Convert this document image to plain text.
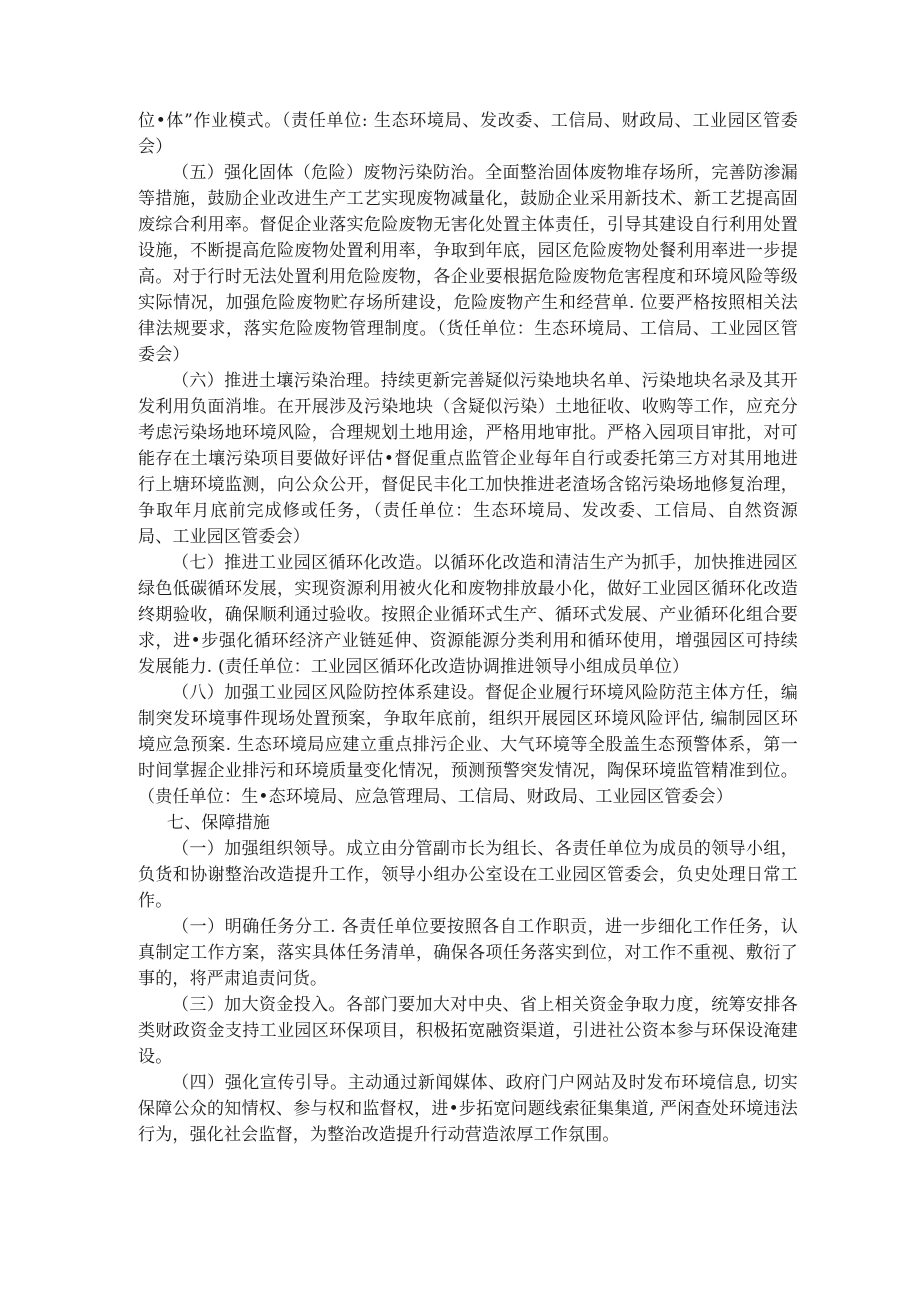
位•体”作业模式。（责任单位: 生态环境局、发改委、工信局、财政局、工业园区管委会）

（五）强化固体（危险）废物污染防治。全面整治固体废物堆存场所，完善防渗漏等措施，鼓励企业改进生产工艺实现废物减量化，鼓励企业采用新技术、新工艺提高固废综合利用率。督促企业落实危险废物无害化处置主体责任，引导其建设自行利用处置设施，不断提高危险废物处置利用率，争取到年底，园区危险废物处餐利用率进一步提高。对于行时无法处置利用危险废物，各企业要根据危险废物危害程度和环境风险等级实际情况，加强危险废物贮存场所建设，危险废物产生和经营单. 位要严格按照相关法律法规要求，落实危险废物管理制度。（货任单位：生态环境局、工信局、工业园区管委会）

（六）推进土壤污染治理。持续更新完善疑似污染地块名单、污染地块名录及其开发利用负面消堆。在开展涉及污染地块（含疑似污染）土地征收、收购等工作，应充分考虑污染场地环境风险，合理规划土地用途，严格用地审批。严格入园项目审批，对可能存在土壤污染项目要做好评估•督促重点监管企业每年自行或委托第三方对其用地进行上塘环境监测，向公众公开，督促民丰化工加快推进老渣场含铭污染场地修复治理，争取年月底前完成修或任务，（责任单位：生态环境局、发改委、工信局、自然资源局、工业园区管委会）

（七）推进工业园区循环化改造。以循环化改造和清洁生产为抓手，加快推进园区绿色低碳循环发展，实现资源利用被火化和废物排放最小化，做好工业园区循环化改造终期验收，确保顺利通过验收。按照企业循环式生产、循环式发展、产业循环化组合要求，进•步强化循环经济产业链延伸、资源能源分类利用和循环使用，增强园区可持续发展能力. (责任单位：工业园区循环化改造协调推进领导小组成员单位）

（八）加强工业园区风险防控体系建设。督促企业履行环境风险防范主体方任，编制突发环境事件现场处置预案，争取年底前，组织开展园区环境风险评估, 编制园区环境应急预案. 生态环境局应建立重点排污企业、大气环境等全股盖生态预警体系，第一时间掌握企业排污和环境质量变化情况，预测预警突发情况，陶保环境监管精准到位。（贵任单位：生•态环境局、应急管理局、工信局、财政局、工业园区管委会）

七、保障措施

（一）加强组织领导。成立由分管副市长为组长、各责任单位为成员的领导小组，负货和协谢整治改造提升工作，领导小组办公室设在工业园区管委会，负史处理日常工作。

（一）明确任务分工. 各责任单位要按照各自工作职贡，进一步细化工作任务，认真制定工作方案，落实具体任务清单，确保各项任务落实到位，对工作不重视、敷衍了事的，将严肃追责问货。

（三）加大资金投入。各部门要加大对中央、省上相关资金争取力度，统筹安排各类财政资金支持工业园区环保项目，积极拓宽融资渠道，引进社公资本参与环保设淹建设。

（四）强化宣传引导。主动通过新闻媒体、政府门户网站及时发布环境信息, 切实保障公众的知情权、参与权和监督权，进•步拓宽问题线索征集集道, 严闲查处环境违法行为，强化社会监督，为整治改造提升行动营造浓厚工作氛围。
